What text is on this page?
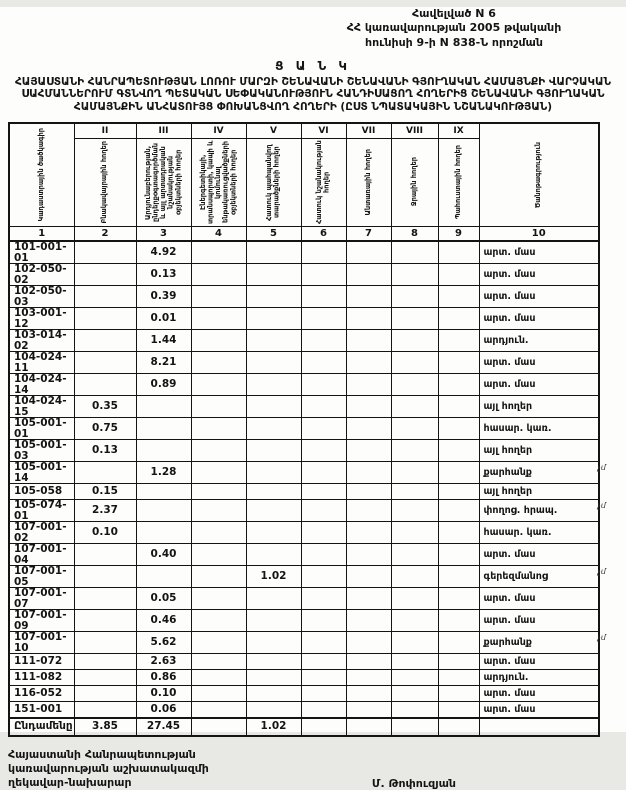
Հավելված N 6
ՀՀ կառավարության 2005 թվականի
հունիսի 9-ի N 838-Ն որոշման
Ց Ա Ն Կ
ՀԱՅԱՍՏԱՆԻ ՀԱՆՐԱՊԵՏՈՒԹՅԱՆ ԼՈՌՈՒ ՄԱՐԶԻ ՇԵՆԱՎԱՆԻ ՇԵՆԱՎԱՆԻ ԳՅՈՒՂԱԿԱՆ ՀԱՄԱՅՆՔԻ ՎԱՐՉԱԿԱՆ ՍԱՀՄԱՆՆԵՐՈՒՄ ԳՏՆՎՈՂ ՊԵՏԱԿԱՆ ՍԵՓԱԿԱՆՈՒԹՅՈՒՆ ՀԱՆԴԻՍԱՑՈՂ ՀՈՂԵՐԻՑ ՇԵՆԱՎԱՆԻ ԳՅՈՒՂԱԿԱՆ ՀԱՄԱՅՆՔԻՆ ԱՆՀԱՏՈՒՅՑ ՓՈԽԱՆՑՎՈՂ ՀՈՂԵՐԻ (ԸՍՏ ՆՊԱՏԱԿԱՅԻՆ ՆՇԱՆԱԿՈՒԹՅԱՆ)
Կադաստրային ծածկագիր	II	III	IV	V	VI	VII	VIII	IX	Ծանոթագրություն

	Բնակավայրային հողեր	Արդյունաբերության, ընդերքօգտագործման և այլ արտադրական նշանակության օբյեկտների հողեր	Էներգետիկայի, տրանսպորտի, կապի և կոմունալ ենթակառուցվածքների օբյեկտների հողեր	Հատուկ պահպանվող տարածքների հողեր	Հատուկ նշանակության հողեր	Անտառային հողեր	Ջրային հողեր	Պահուստային հողեր	

1	2	3	4	5	6	7	8	9	10
101-001-01		4.92							արտ. մաս
102-050-02		0.13							արտ. մաս
102-050-03		0.39							արտ. մաս
103-001-12		0.01							արտ. մաս
103-014-02		1.44							արդյուն.
104-024-11		8.21							արտ. մաս
104-024-14		0.89							արտ. մաս
104-024-15	0.35								այլ հողեր
105-001-01	0.75								հասար. կառ.
105-001-03	0.13								այլ հողեր
105-001-14		1.28							քարհանք չմ

105-058	0.15								այլ հողեր
105-074-01	2.37								փողոց. հրապ. չմ

107-001-02	0.10								հասար. կառ.
107-001-04		0.40							արտ. մաս
107-001-05				1.02					գերեզմանոց չմ

107-001-07		0.05							արտ. մաս
107-001-09		0.46							արտ. մաս
107-001-10		5.62							քարհանք չմ

111-072		2.63							արտ. մաս
111-082		0.86							արդյուն.
116-052		0.10							արտ. մաս
151-001		0.06							արտ. մաս
Ընդամենը	3.85	27.45		1.02					
Հայաստանի Հանրապետության
կառավարության աշխատակազմի
ղեկավար-նախարար	Մ. Թոփուզյան
